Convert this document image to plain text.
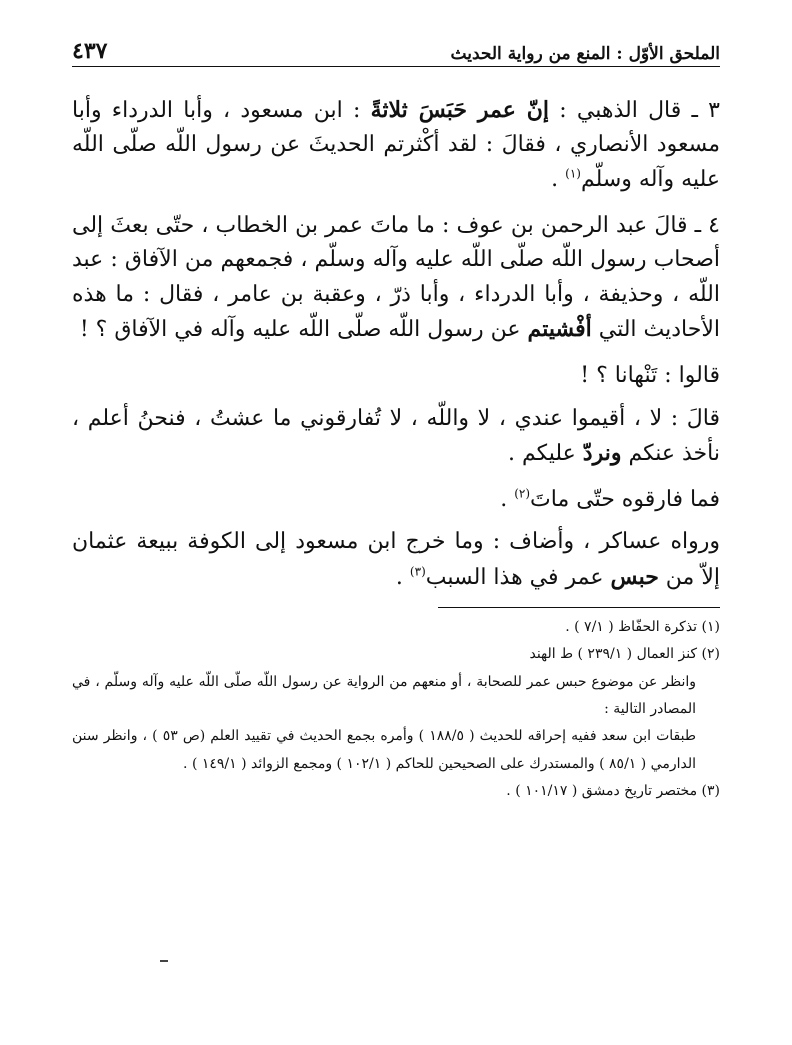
الملحق الأوّل : المنع من رواية الحديث
٤٣٧

٣ ـ قال الذهبي : إنّ عمر حَبَسَ ثلاثةً : ابن مسعود ، وأبا الدرداء وأبا مسعود الأنصاري ، فقالَ : لقد أكْثرتم الحديثَ عن رسول اللّه صلّى اللّه عليه وآله وسلّم$^{(١)}$ .

٤ ـ قالَ عبد الرحمن بن عوف : ما ماتَ عمر بن الخطاب ، حتّى بعثَ إلى أصحاب رسول اللّه صلّى اللّه عليه وآله وسلّم ، فجمعهم من الآفاق : عبد اللّه ، وحذيفة ، وأبا الدرداء ، وأبا ذرّ ، وعقبة بن عامر ، فقال : ما هذه الأحاديث التي أفْشيتم عن رسول اللّه صلّى اللّه عليه وآله في الآفاق ؟ !

قالوا : تَنْهانا ؟ !

قالَ : لا ، أقيموا عندي ، لا واللّه ، لا تُفارقوني ما عشتُ ، فنحنُ أعلم ، نأخذ عنكم ونردّ عليكم .

فما فارقوه حتّى ماتَ$^{(٢)}$ .

ورواه عساكر ، وأضاف : وما خرج ابن مسعود إلى الكوفة ببيعة عثمان إلاّ من حبس عمر في هذا السبب$^{(٣)}$ .

(١) تذكرة الحفّاظ ( ٧/١ ) .

(٢) كنز العمال ( ٢٣٩/١ ) ط الهند

وانظر عن موضوع حبس عمر للصحابة ، أو منعهم من الرواية عن رسول اللّه صلّى اللّه عليه وآله وسلّم ، في المصادر التالية :

طبقات ابن سعد ففيه إحراقه للحديث ( ١٨٨/٥ ) وأمره بجمع الحديث في تقييد العلم (ص ٥٣ ) ، وانظر سنن الدارمي ( ٨٥/١ ) والمستدرك على الصحيحين للحاكم ( ١٠٢/١ ) ومجمع الزوائد ( ١٤٩/١ ) .

(٣) مختصر تاريخ دمشق ( ١٠١/١٧ ) .
